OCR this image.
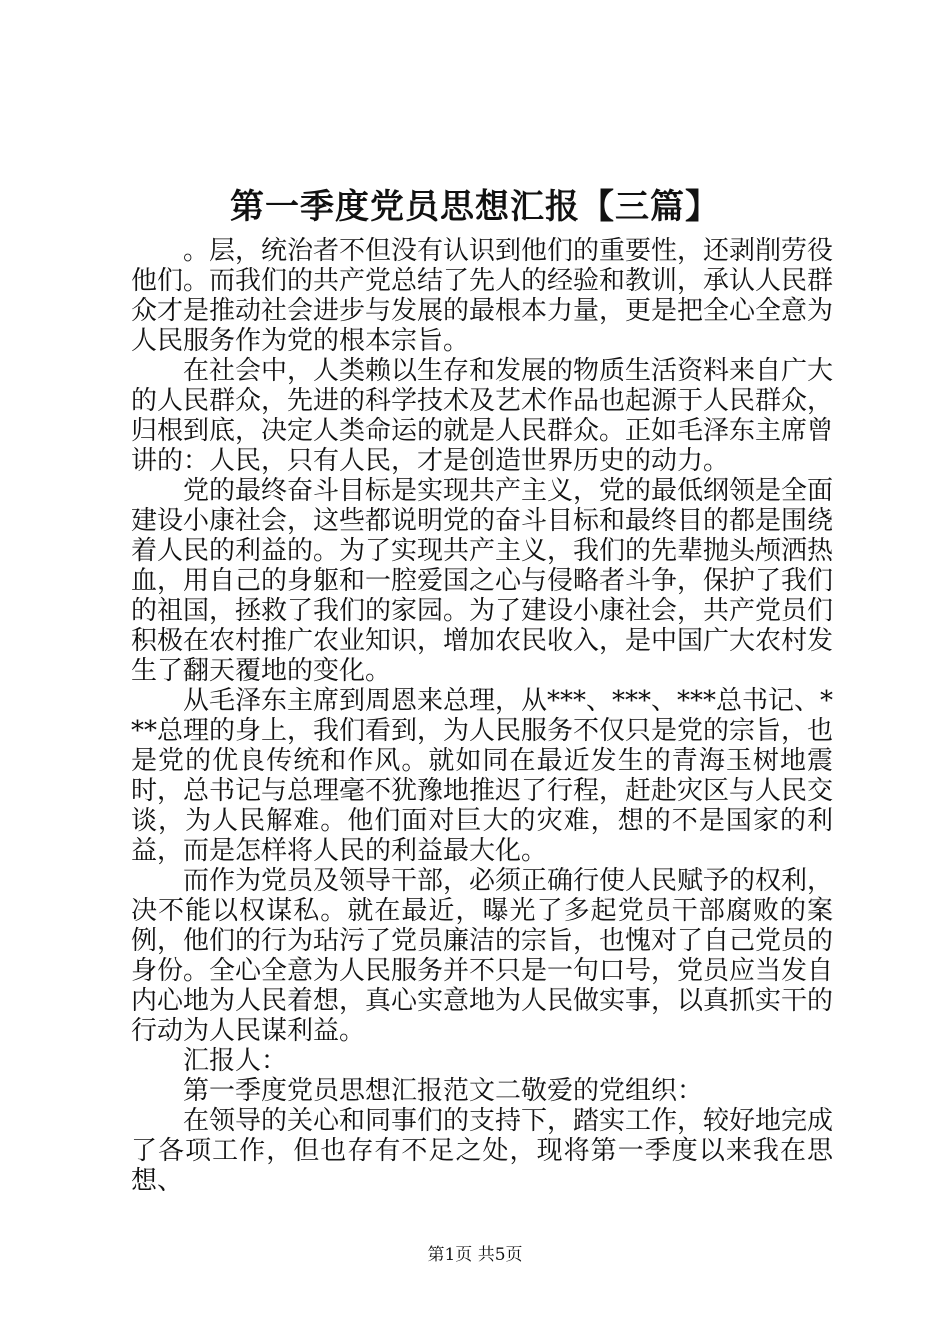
第一季度党员思想汇报【三篇】

。层，统治者不但没有认识到他们的重要性，还剥削劳役他们。而我们的共产党总结了先人的经验和教训，承认人民群众才是推动社会进步与发展的最根本力量，更是把全心全意为人民服务作为党的根本宗旨。

在社会中，人类赖以生存和发展的物质生活资料来自广大的人民群众，先进的科学技术及艺术作品也起源于人民群众，归根到底，决定人类命运的就是人民群众。正如毛泽东主席曾讲的：人民，只有人民，才是创造世界历史的动力。

党的最终奋斗目标是实现共产主义，党的最低纲领是全面建设小康社会，这些都说明党的奋斗目标和最终目的都是围绕着人民的利益的。为了实现共产主义，我们的先辈抛头颅洒热血，用自己的身躯和一腔爱国之心与侵略者斗争，保护了我们的祖国，拯救了我们的家园。为了建设小康社会，共产党员们积极在农村推广农业知识，增加农民收入，是中国广大农村发生了翻天覆地的变化。

从毛泽东主席到周恩来总理，从***、***、***总书记、***总理的身上，我们看到，为人民服务不仅只是党的宗旨，也是党的优良传统和作风。就如同在最近发生的青海玉树地震时，总书记与总理毫不犹豫地推迟了行程，赶赴灾区与人民交谈，为人民解难。他们面对巨大的灾难，想的不是国家的利益，而是怎样将人民的利益最大化。

而作为党员及领导干部，必须正确行使人民赋予的权利，决不能以权谋私。就在最近，曝光了多起党员干部腐败的案例，他们的行为玷污了党员廉洁的宗旨，也愧对了自己党员的身份。全心全意为人民服务并不只是一句口号，党员应当发自内心地为人民着想，真心实意地为人民做实事，以真抓实干的行动为人民谋利益。

汇报人：

第一季度党员思想汇报范文二敬爱的党组织：

在领导的关心和同事们的支持下，踏实工作，较好地完成了各项工作，但也存有不足之处，现将第一季度以来我在思想、

第1页 共5页
